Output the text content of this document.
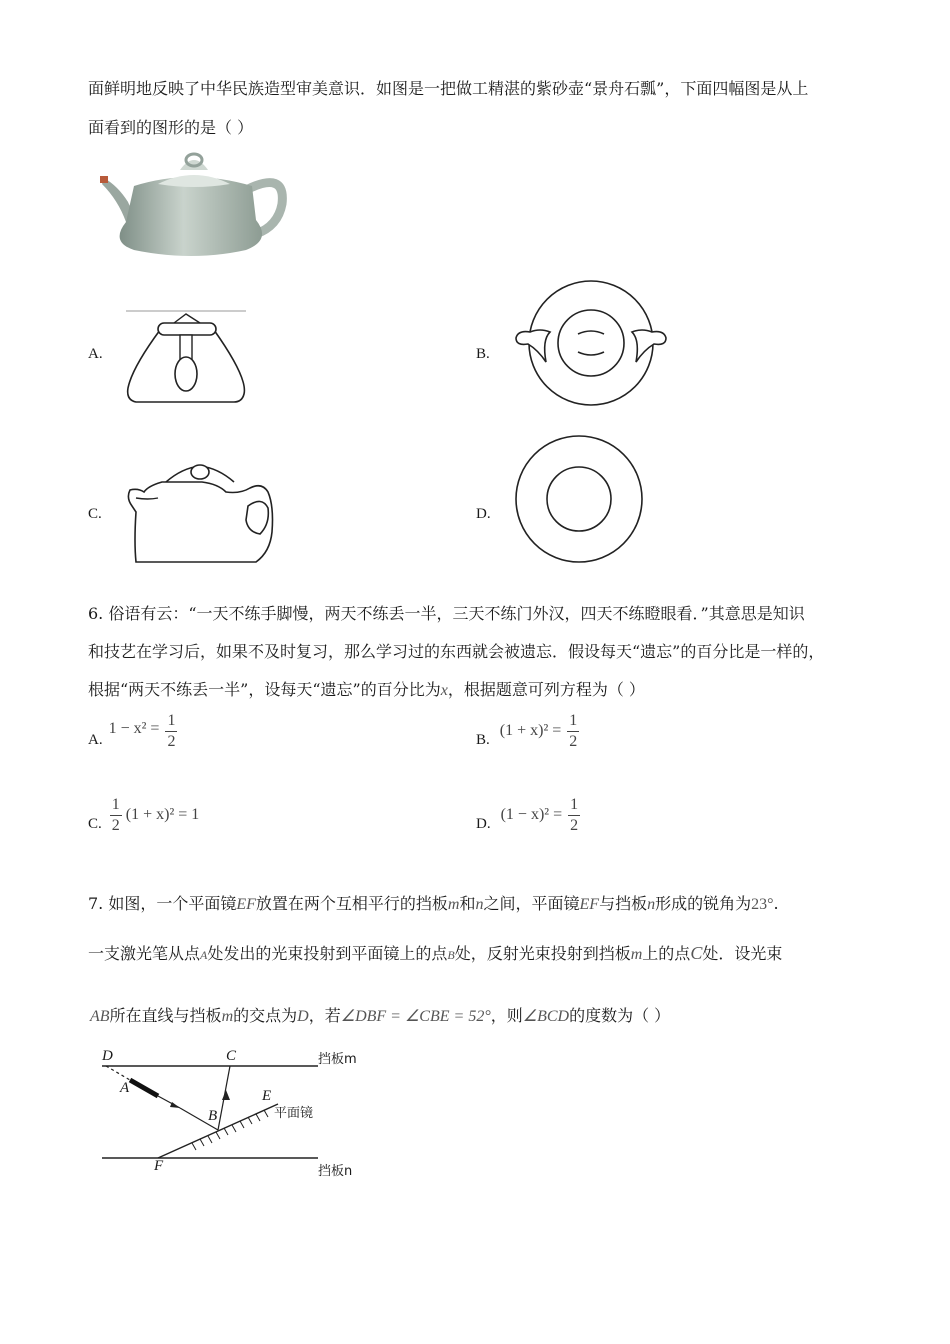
面鲜明地反映了中华民族造型审美意识．如图是一把做工精湛的紫砂壶“景舟石瓢”，下面四幅图是从上
面看到的图形的是（ ）
A.	B.
C.	D.
6. 俗语有云：“一天不练手脚慢，两天不练丢一半，三天不练门外汉，四天不练瞪眼看．”其意思是知识
和技艺在学习后，如果不及时复习，那么学习过的东西就会被遗忘．假设每天“遗忘”的百分比是一样的，
根据“两天不练丢一半”，设每天“遗忘”的百分比为x，根据题意可列方程为（ ）
A.
$1 - x^2 = \frac{1}{2}$	B.
$(1 + x)^2 = \frac{1}{2}$
C. $\frac{1}{2} (1 + x)^2 = 1$
D.
$(1 - x)^2 = \frac{1}{2}$
7. 如图，一个平面镜EF放置在两个互相平行的挡板m和n之间，平面镜EF与挡板n形成的锐角为23°.
一支激光笔从点A处发出的光束投射到平面镜上的点B处，反射光束投射到挡板m上的点C处．设光束
AB所在直线与挡板m的交点为D，若∠DBF = ∠CBE = 52°，则∠BCD的度数为（ ）
D	C
A
B
E
F
挡板m
挡板n
平面镜
